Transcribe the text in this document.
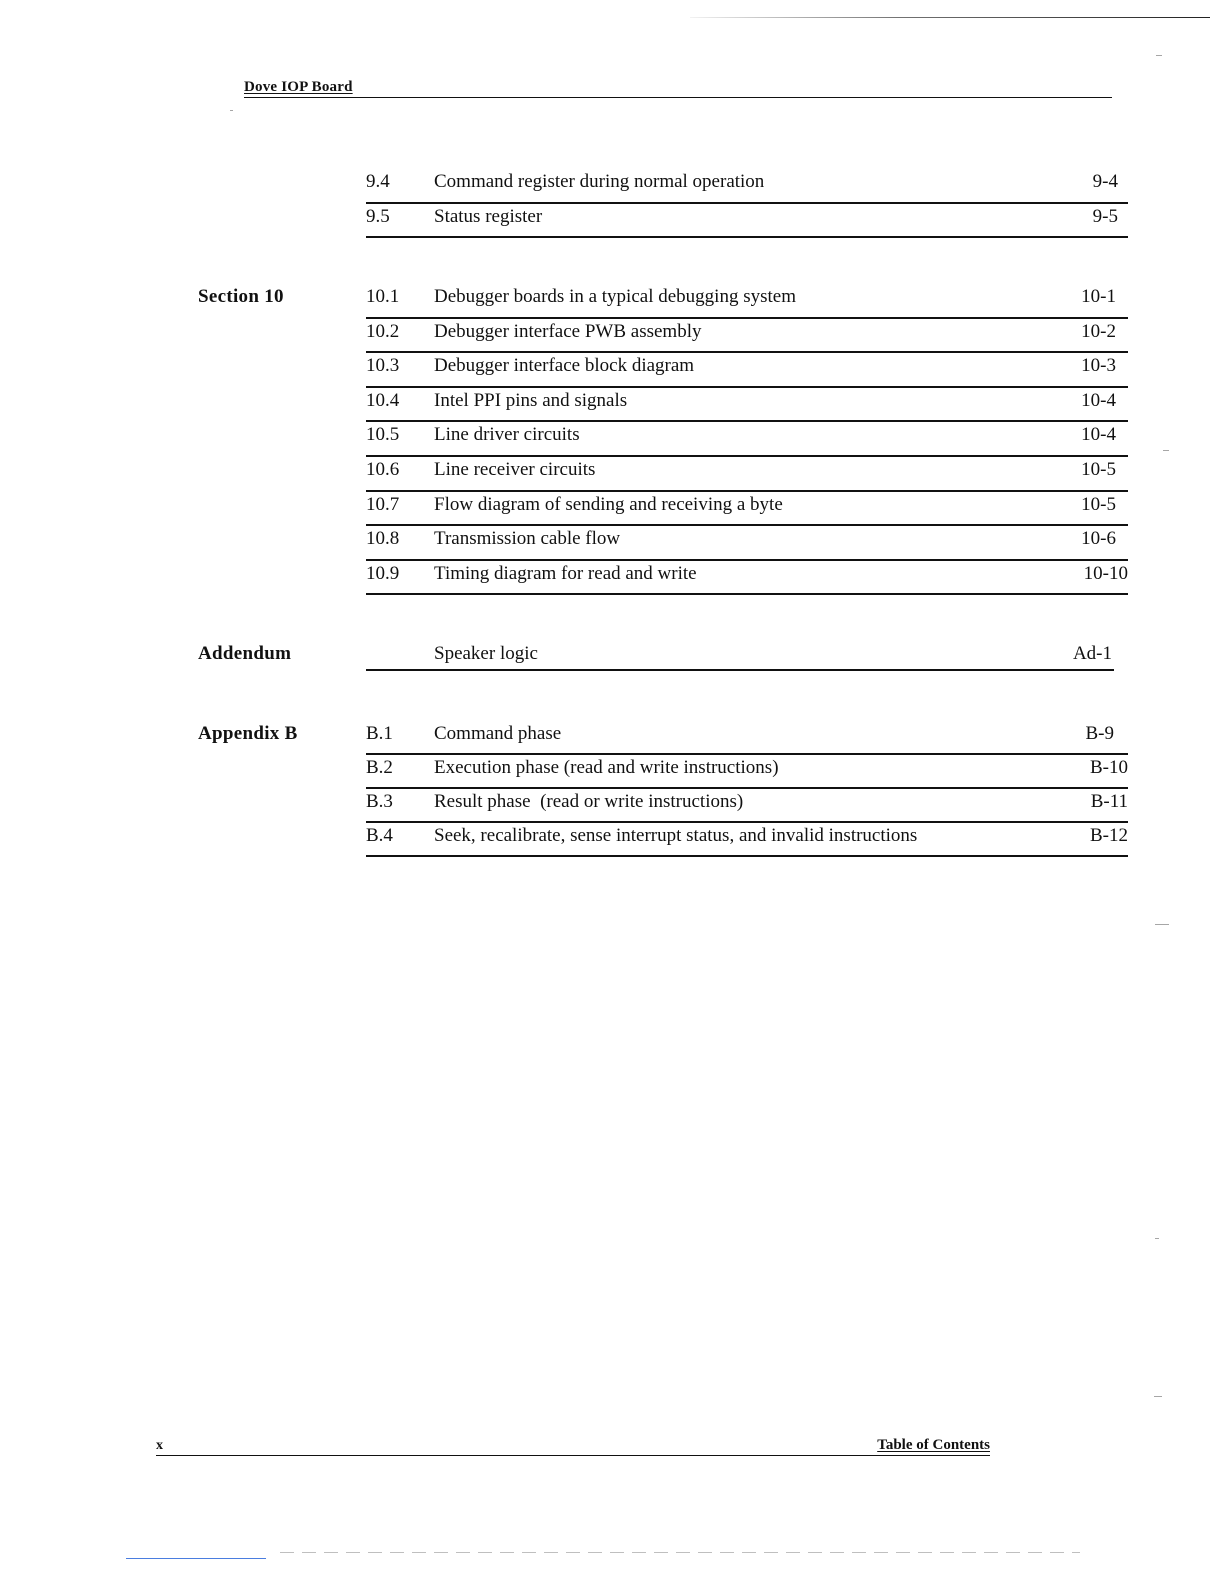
Dove IOP Board
9.4 Command register during normal operation	9-4
9.5 Status register	9-5
Section 10	10.1 Debugger boards in a typical debugging system	10-1
10.2 Debugger interface PWB assembly	10-2
10.3 Debugger interface block diagram	10-3
10.4 Intel PPI pins and signals	10-4
10.5 Line driver circuits	10-4
10.6 Line receiver circuits	10-5
10.7 Flow diagram of sending and receiving a byte	10-5
10.8 Transmission cable flow	10-6
10.9 Timing diagram for read and write	10-10
Addendum	Speaker logic	Ad-1
Appendix B	B.1 Command phase	B-9
B.2 Execution phase (read and write instructions)	B-10
B.3 Result phase  (read or write instructions)	B-11
B.4 Seek, recalibrate, sense interrupt status, and invalid instructions	B-12
x	Table of Contents
